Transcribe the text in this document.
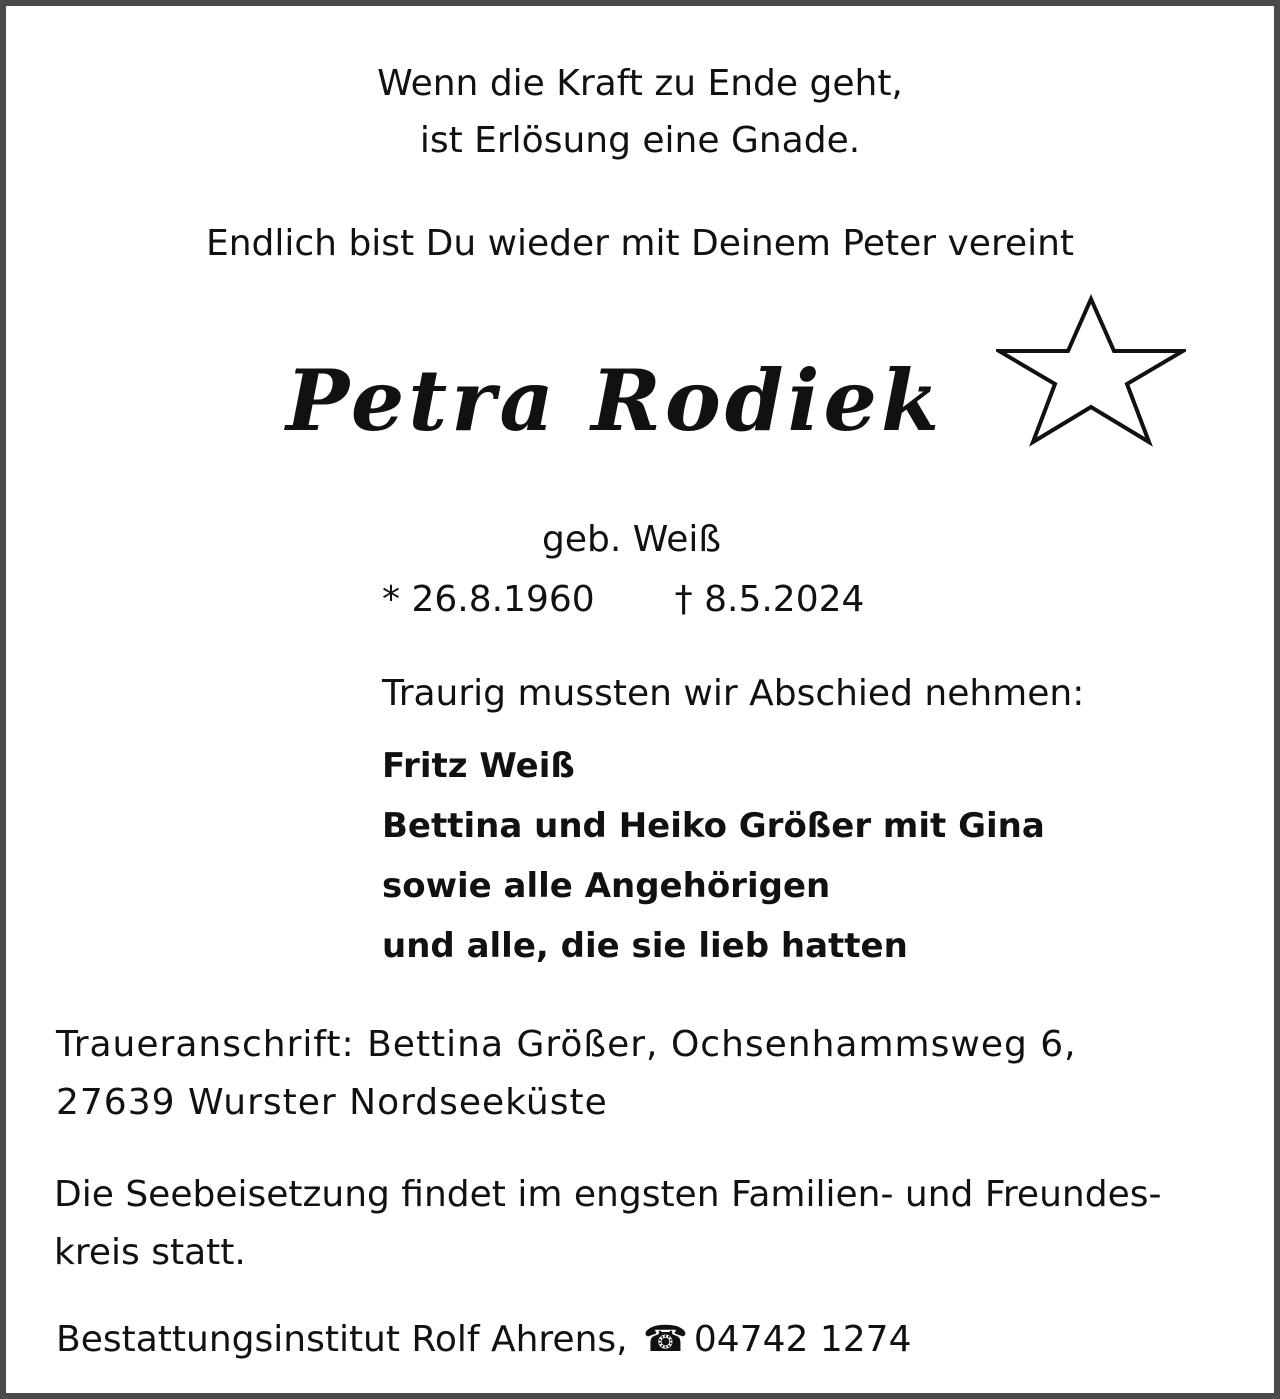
Wenn die Kraft zu Ende geht,
ist Erlösung eine Gnade.
Endlich bist Du wieder mit Deinem Peter vereint
Petra Rodiek
geb. Weiß
* 26.8.1960 † 8.5.2024
Traurig mussten wir Abschied nehmen:
Fritz Weiß
Bettina und Heiko Größer mit Gina
sowie alle Angehörigen
und alle, die sie lieb hatten
Traueranschrift: Bettina Größer, Ochsenhammsweg 6,
27639 Wurster Nordseeküste
Die Seebeisetzung findet im engsten Familien- und Freundes-
kreis statt.
Bestattungsinstitut Rolf Ahrens, ☎ 04742 1274
